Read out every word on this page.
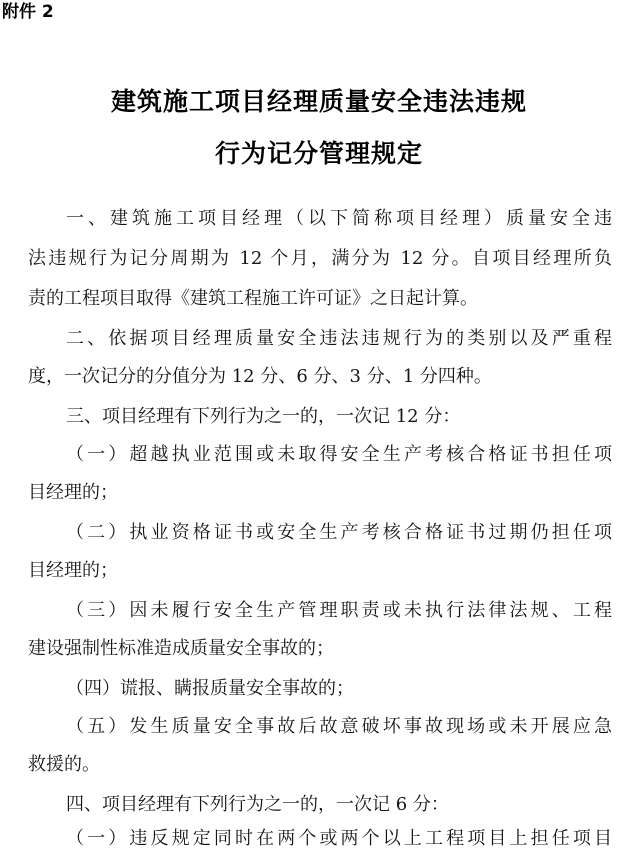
附件 2
建筑施工项目经理质量安全违法违规
行为记分管理规定
一、建筑施工项目经理（以下简称项目经理）质量安全违
法违规行为记分周期为 12 个月，满分为 12 分。自项目经理所负
责的工程项目取得《建筑工程施工许可证》之日起计算。
二、依据项目经理质量安全违法违规行为的类别以及严重程
度，一次记分的分值分为 12 分、6 分、3 分、1 分四种。
三、项目经理有下列行为之一的，一次记 12 分：
（一）超越执业范围或未取得安全生产考核合格证书担任项
目经理的；
（二）执业资格证书或安全生产考核合格证书过期仍担任项
目经理的；
（三）因未履行安全生产管理职责或未执行法律法规、工程
建设强制性标准造成质量安全事故的；
（四）谎报、瞒报质量安全事故的；
（五）发生质量安全事故后故意破坏事故现场或未开展应急
救援的。
四、项目经理有下列行为之一的，一次记 6 分：
（一）违反规定同时在两个或两个以上工程项目上担任项目
